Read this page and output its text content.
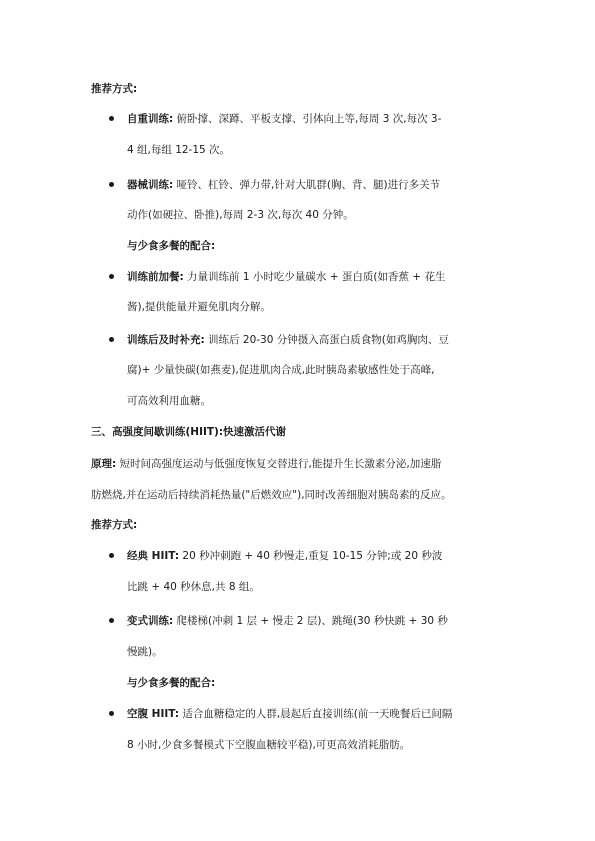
推荐方式:
自重训练: 俯卧撑、深蹲、平板支撑、引体向上等,每周 3 次,每次 3-
4 组,每组 12-15 次。
器械训练: 哑铃、杠铃、弹力带,针对大肌群(胸、背、腿)进行多关节
动作(如硬拉、卧推),每周 2-3 次,每次 40 分钟。
与少食多餐的配合:
训练前加餐: 力量训练前 1 小时吃少量碳水 + 蛋白质(如香蕉 + 花生
酱),提供能量并避免肌肉分解。
训练后及时补充: 训练后 20-30 分钟摄入高蛋白质食物(如鸡胸肉、豆
腐)+ 少量快碳(如燕麦),促进肌肉合成,此时胰岛素敏感性处于高峰,
可高效利用血糖。
三、高强度间歇训练(HIIT):快速激活代谢
原理: 短时间高强度运动与低强度恢复交替进行,能提升生长激素分泌,加速脂
肪燃烧,并在运动后持续消耗热量("后燃效应"),同时改善细胞对胰岛素的反应。
推荐方式:
经典 HIIT: 20 秒冲刺跑 + 40 秒慢走,重复 10-15 分钟;或 20 秒波
比跳 + 40 秒休息,共 8 组。
变式训练: 爬楼梯(冲刺 1 层 + 慢走 2 层)、跳绳(30 秒快跳 + 30 秒
慢跳)。
与少食多餐的配合:
空腹 HIIT: 适合血糖稳定的人群,晨起后直接训练(前一天晚餐后已间隔
8 小时,少食多餐模式下空腹血糖较平稳),可更高效消耗脂肪。
